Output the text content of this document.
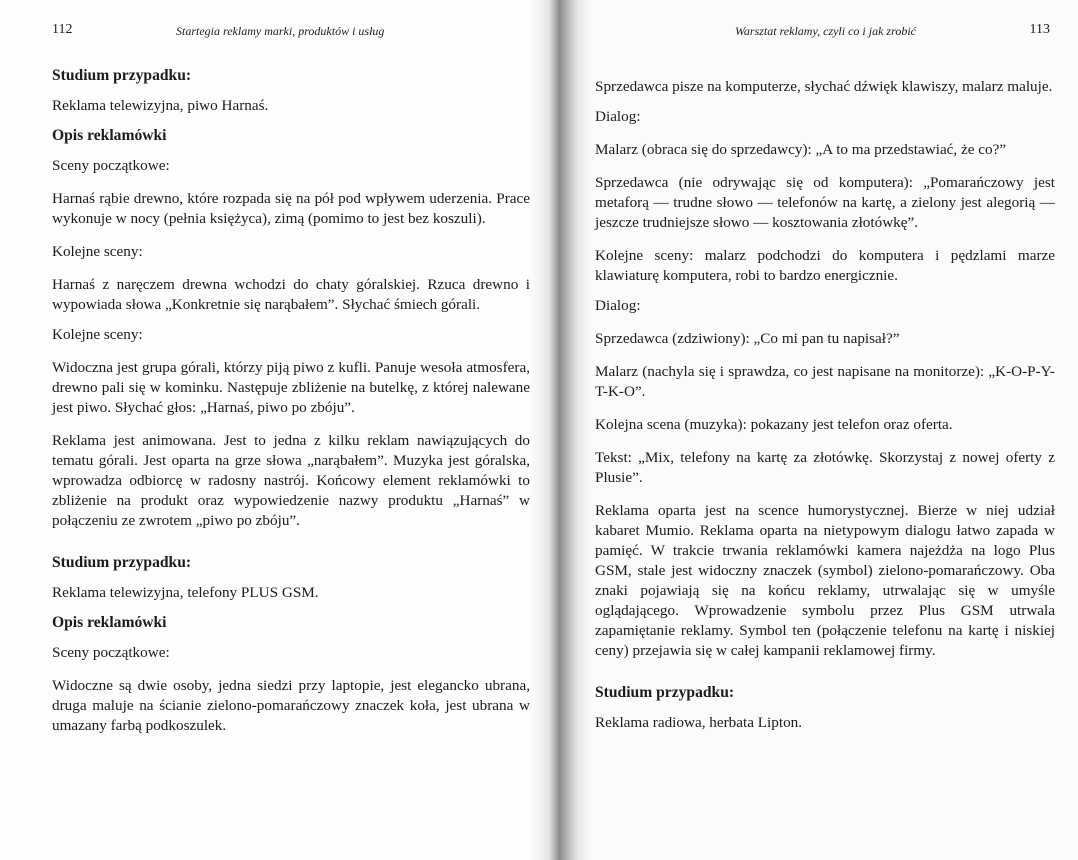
112	Startegia reklamy marki, produktów i usług

Studium przypadku:

Reklama telewizyjna, piwo Harnaś.

Opis reklamówki

Sceny początkowe:

Harnaś rąbie drewno, które rozpada się na pół pod wpływem uderzenia. Prace wykonuje w nocy (pełnia księżyca), zimą (pomimo to jest bez koszuli).

Kolejne sceny:

Harnaś z naręczem drewna wchodzi do chaty góralskiej. Rzuca drewno i wypowiada słowa „Konkretnie się narąbałem”. Słychać śmiech górali.

Kolejne sceny:

Widoczna jest grupa górali, którzy piją piwo z kufli. Panuje wesoła atmosfera, drewno pali się w kominku. Następuje zbliżenie na butelkę, z której nalewane jest piwo. Słychać głos: „Harnaś, piwo po zbóju”.

Reklama jest animowana. Jest to jedna z kilku reklam nawiązujących do tematu górali. Jest oparta na grze słowa „narąbałem”. Muzyka jest góralska, wprowadza odbiorcę w radosny nastrój. Końcowy element reklamówki to zbliżenie na produkt oraz wypowiedzenie nazwy produktu „Harnaś” w połączeniu ze zwrotem „piwo po zbóju”.

Studium przypadku:

Reklama telewizyjna, telefony PLUS GSM.

Opis reklamówki

Sceny początkowe:

Widoczne są dwie osoby, jedna siedzi przy laptopie, jest elegancko ubrana, druga maluje na ścianie zielono-pomarańczowy znaczek koła, jest ubrana w umazany farbą podkoszulek.

Warsztat reklamy, czyli co i jak zrobić	113

Sprzedawca pisze na komputerze, słychać dźwięk klawiszy, malarz maluje.

Dialog:

Malarz (obraca się do sprzedawcy): „A to ma przedstawiać, że co?”

Sprzedawca (nie odrywając się od komputera): „Pomarańczowy jest metaforą — trudne słowo — telefonów na kartę, a zielony jest alegorią — jeszcze trudniejsze słowo — kosztowania złotówkę”.

Kolejne sceny: malarz podchodzi do komputera i pędzlami marze klawiaturę komputera, robi to bardzo energicznie.

Dialog:

Sprzedawca (zdziwiony): „Co mi pan tu napisał?”

Malarz (nachyla się i sprawdza, co jest napisane na monitorze): „K-O-P-Y-T-K-O”.

Kolejna scena (muzyka): pokazany jest telefon oraz oferta.

Tekst: „Mix, telefony na kartę za złotówkę. Skorzystaj z nowej oferty z Plusie”.

Reklama oparta jest na scence humorystycznej. Bierze w niej udział kabaret Mumio. Reklama oparta na nietypowym dialogu łatwo zapada w pamięć. W trakcie trwania reklamówki kamera najeżdża na logo Plus GSM, stale jest widoczny znaczek (symbol) zielono-pomarańczowy. Oba znaki pojawiają się na końcu reklamy, utrwalając się w umyśle oglądającego. Wprowadzenie symbolu przez Plus GSM utrwala zapamiętanie reklamy. Symbol ten (połączenie telefonu na kartę i niskiej ceny) przejawia się w całej kampanii reklamowej firmy.

Studium przypadku:

Reklama radiowa, herbata Lipton.
